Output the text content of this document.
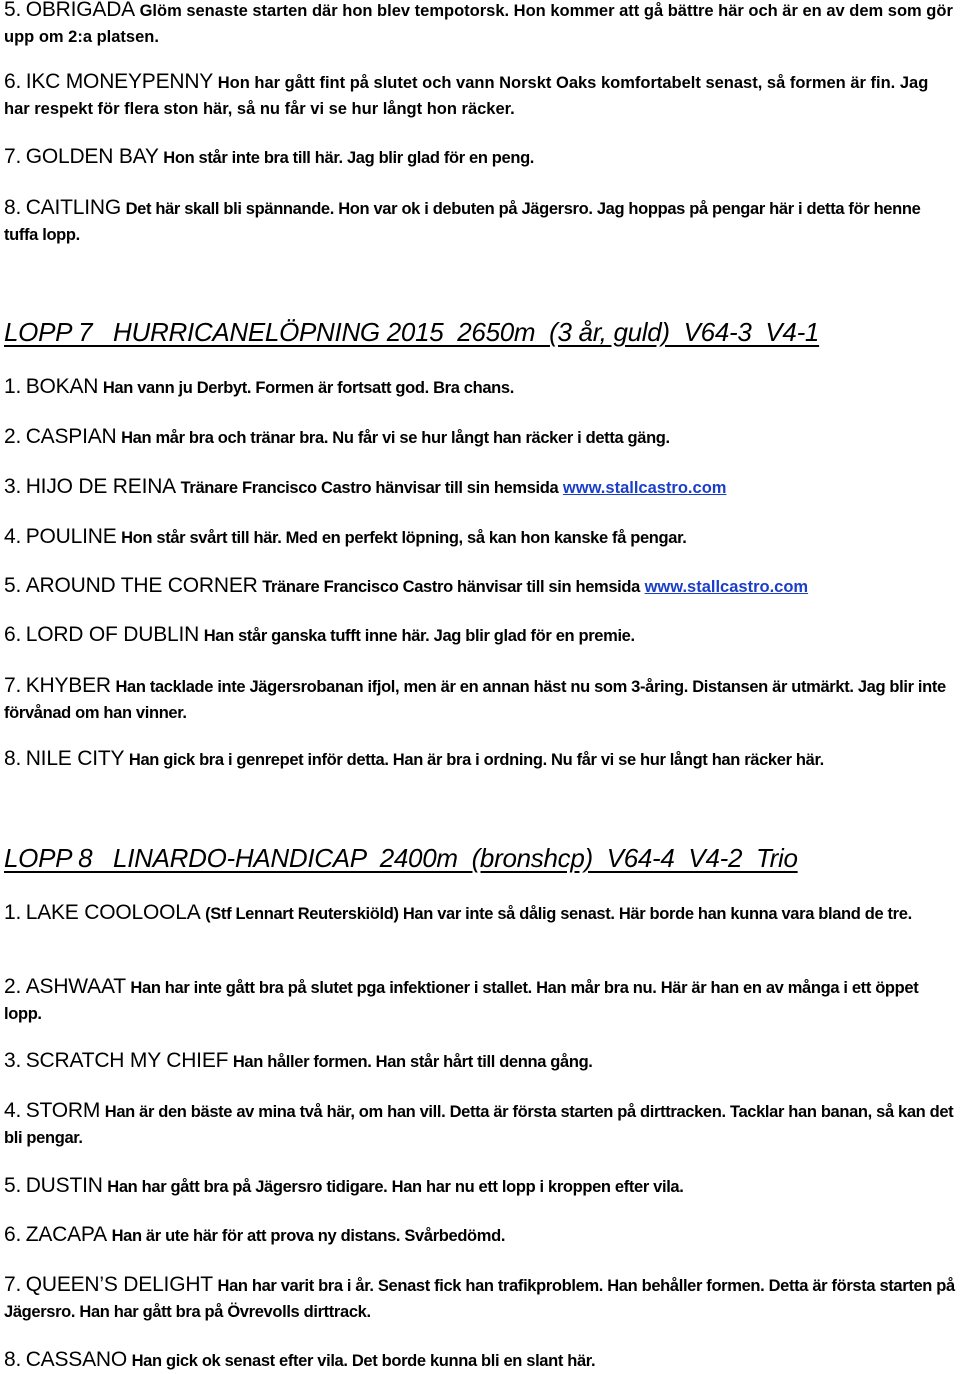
5. OBRIGADA Glöm senaste starten där hon blev tempotorsk. Hon kommer att gå bättre här och är en av dem som gör upp om 2:a platsen.

6. IKC MONEYPENNY Hon har gått fint på slutet och vann Norskt Oaks komfortabelt senast, så formen är fin. Jag har respekt för flera ston här, så nu får vi se hur långt hon räcker.

7. GOLDEN BAY Hon står inte bra till här. Jag blir glad för en peng.

8. CAITLING Det här skall bli spännande. Hon var ok i debuten på Jägersro. Jag hoppas på pengar här i detta för henne tuffa lopp.

LOPP 7   HURRICANELÖPNING 2015  2650m  (3 år, guld)  V64-3  V4-1

1. BOKAN Han vann ju Derbyt. Formen är fortsatt god. Bra chans.

2. CASPIAN Han mår bra och tränar bra. Nu får vi se hur långt han räcker i detta gäng.

3. HIJO DE REINA Tränare Francisco Castro hänvisar till sin hemsida www.stallcastro.com

4. POULINE Hon står svårt till här. Med en perfekt löpning, så kan hon kanske få pengar.

5. AROUND THE CORNER Tränare Francisco Castro hänvisar till sin hemsida www.stallcastro.com

6. LORD OF DUBLIN Han står ganska tufft inne här. Jag blir glad för en premie.

7. KHYBER Han tacklade inte Jägersrobanan ifjol, men är en annan häst nu som 3-åring. Distansen är utmärkt. Jag blir inte förvånad om han vinner.

8. NILE CITY Han gick bra i genrepet inför detta. Han är bra i ordning. Nu får vi se hur långt han räcker här.

LOPP 8   LINARDO-HANDICAP  2400m  (bronshcp)  V64-4  V4-2  Trio

1. LAKE COOLOOLA (Stf Lennart Reuterskiöld) Han var inte så dålig senast. Här borde han kunna vara bland de tre.

2. ASHWAAT Han har inte gått bra på slutet pga infektioner i stallet. Han mår bra nu. Här är han en av många i ett öppet lopp.

3. SCRATCH MY CHIEF Han håller formen. Han står hårt till denna gång.

4. STORM Han är den bäste av mina två här, om han vill. Detta är första starten på dirttracken. Tacklar han banan, så kan det bli pengar.

5. DUSTIN Han har gått bra på Jägersro tidigare. Han har nu ett lopp i kroppen efter vila.

6. ZACAPA Han är ute här för att prova ny distans. Svårbedömd.

7. QUEEN’S DELIGHT Han har varit bra i år. Senast fick han trafikproblem. Han behåller formen. Detta är första starten på Jägersro. Han har gått bra på Övrevolls dirttrack.

8. CASSANO Han gick ok senast efter vila. Det borde kunna bli en slant här.
